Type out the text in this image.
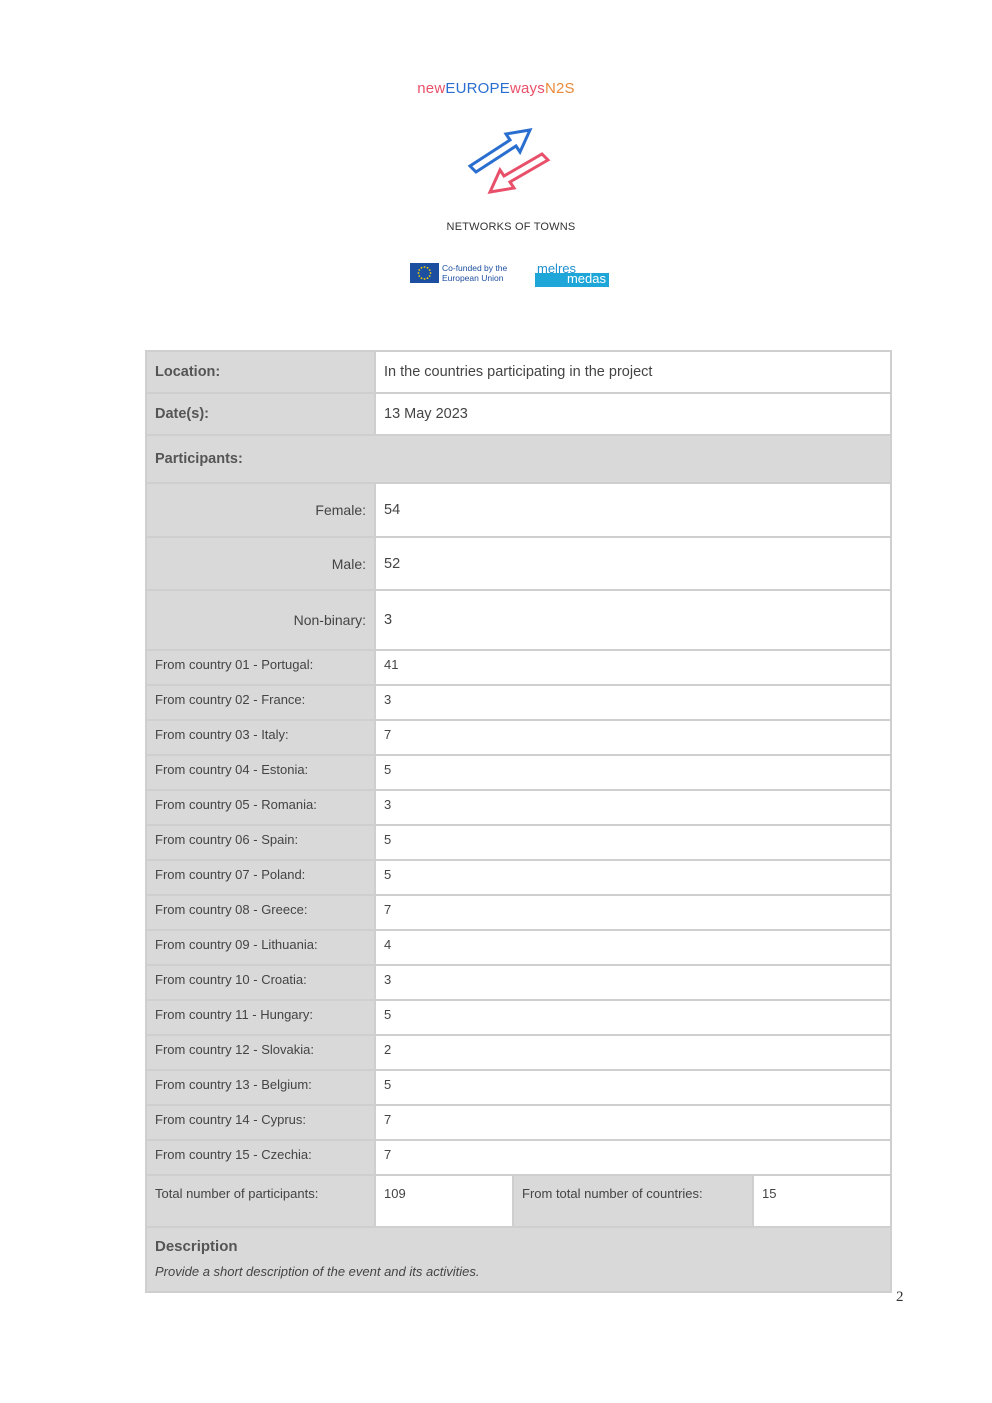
newEUROPEwaysN2S
NETWORKS OF TOWNS
Co-funded by the
European Union
melres
medas
Location:	In the countries participating in the project
Date(s):	13 May 2023
Participants:
Female:	54
Male:	52
Non-binary:	3
From country 01 - Portugal:	41
From country 02 - France:	3
From country 03 - Italy:	7
From country 04 - Estonia:	5
From country 05 - Romania:	3
From country 06 - Spain:	5
From country 07 - Poland:	5
From country 08 - Greece:	7
From country 09 - Lithuania:	4
From country 10 - Croatia:	3
From country 11 - Hungary:	5
From country 12 - Slovakia:	2
From country 13 - Belgium:	5
From country 14 - Cyprus:	7
From country 15 - Czechia:	7
Total number of participants:	109	From total number of countries:	15
Description
Provide a short description of the event and its activities.
2
